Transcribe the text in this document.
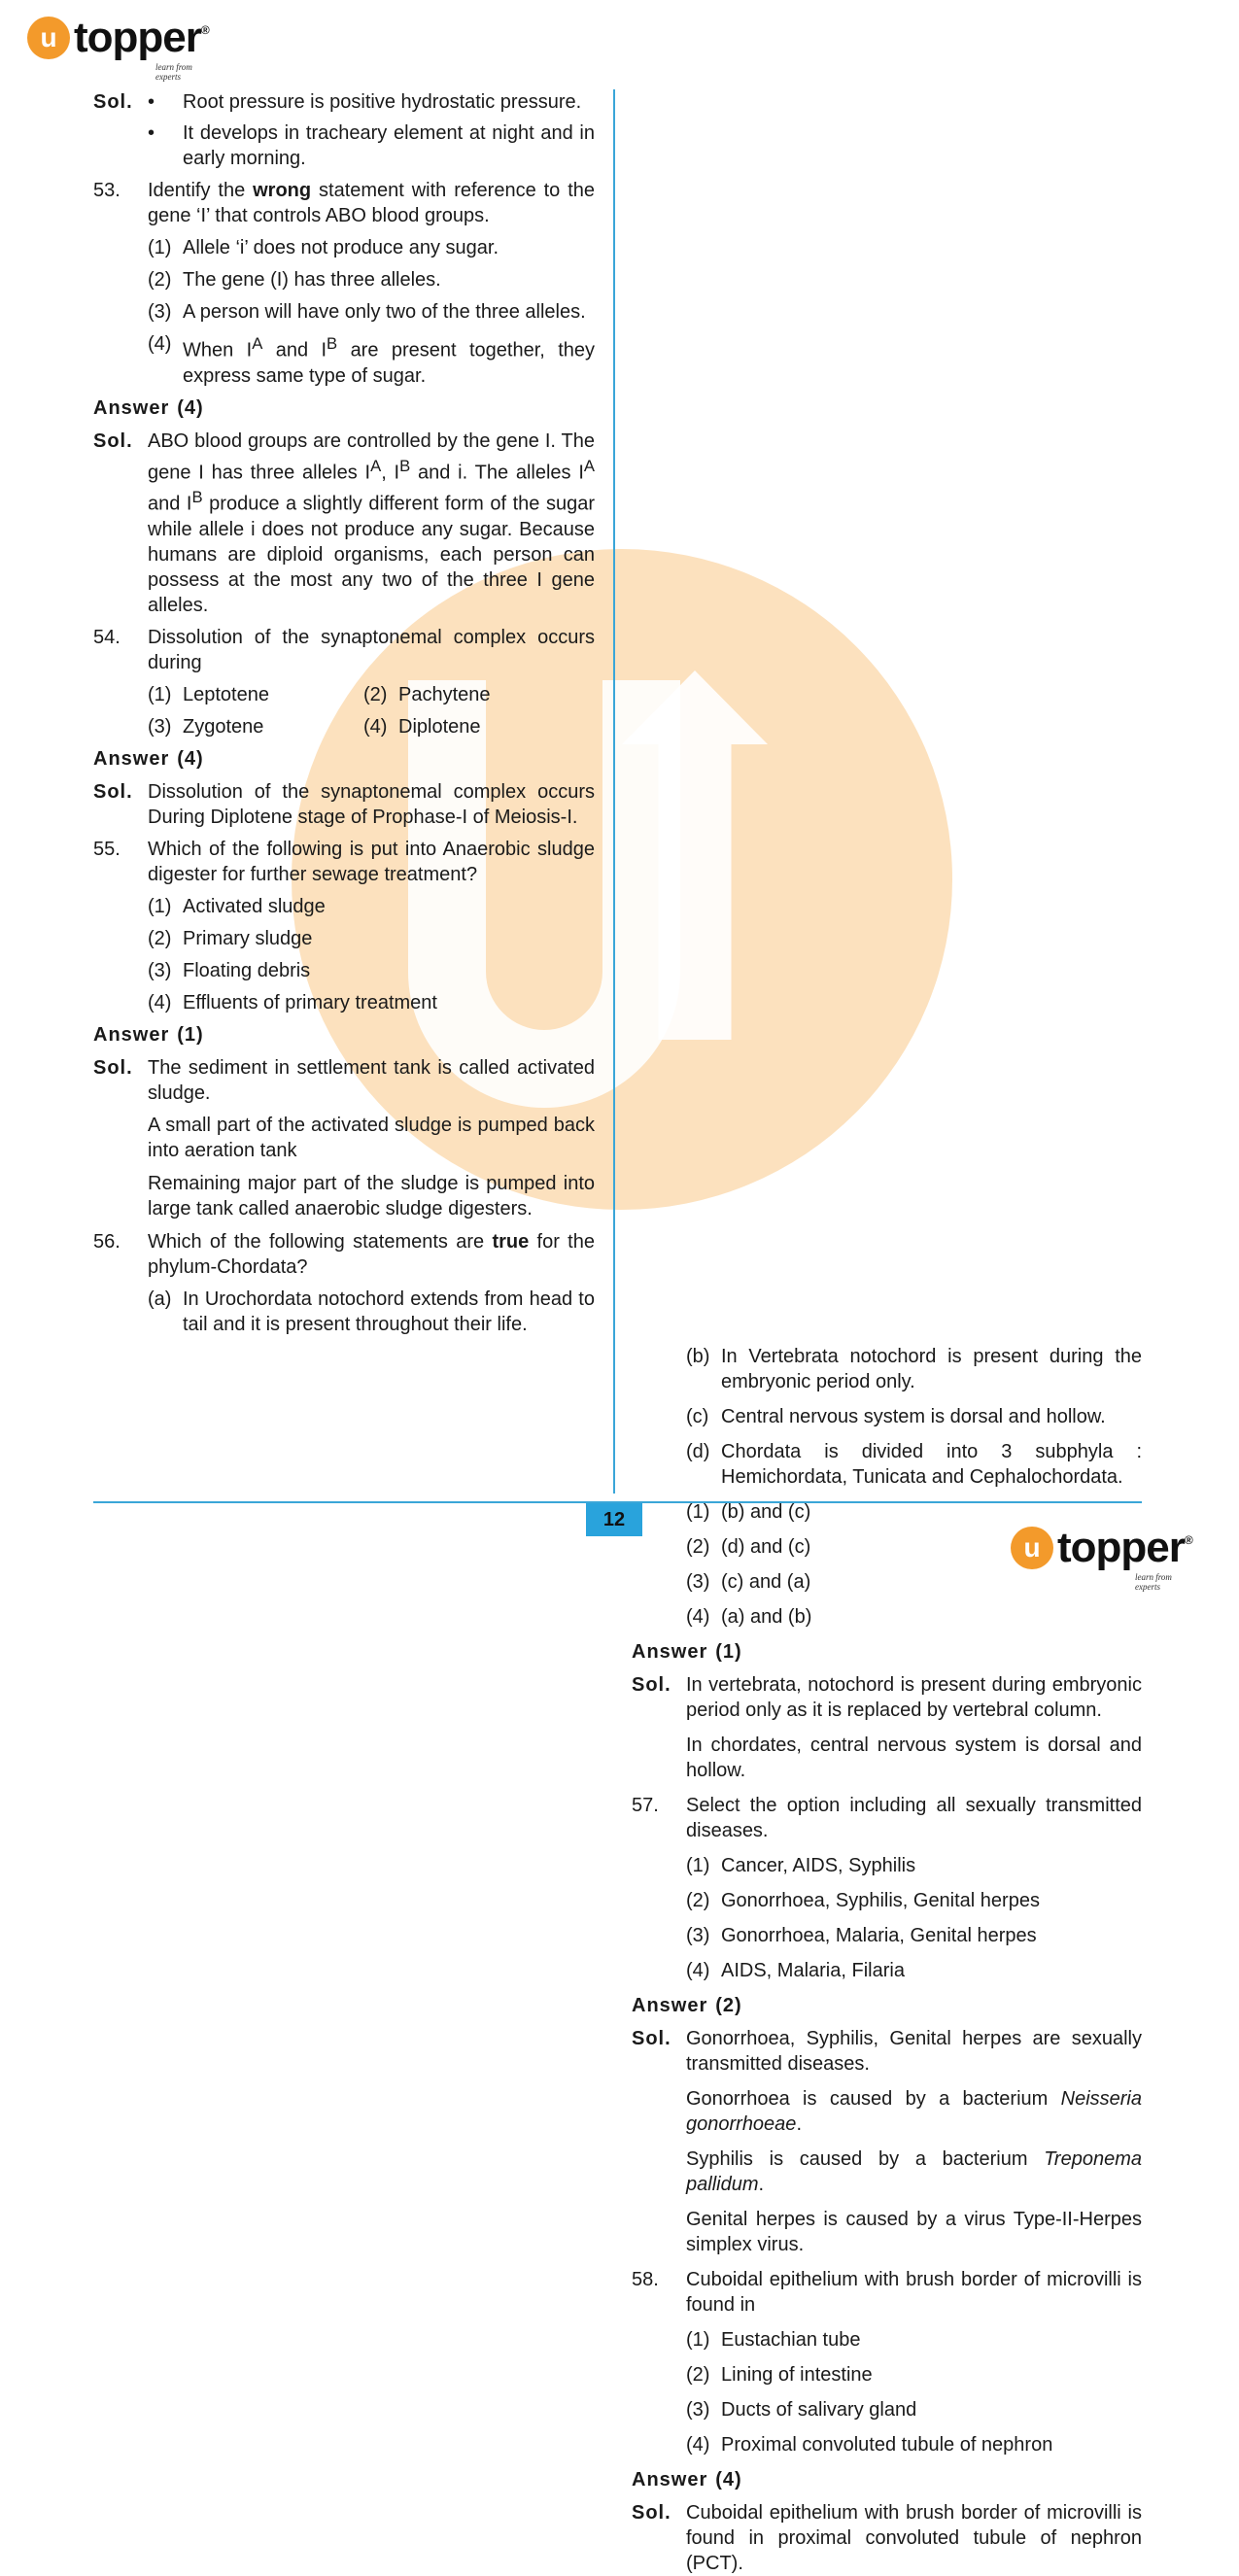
u topper®
learn from experts
Sol. •	Root pressure is positive hydrostatic pressure.
•	It develops in tracheary element at night and in early morning.
53.	Identify the wrong statement with reference to the gene ‘I’ that controls ABO blood groups.
(1) Allele ‘i’ does not produce any sugar.
(2) The gene (I) has three alleles.
(3) A person will have only two of the three alleles.
(4) When $I^A$ and $I^B$ are present together, they express same type of sugar.
Answer (4)
Sol. ABO blood groups are controlled by the gene I. The gene I has three alleles $I^A$, $I^B$ and i. The alleles $I^A$ and $I^B$ produce a slightly different form of the sugar while allele i does not produce any sugar. Because humans are diploid organisms, each person can possess at the most any two of the three I gene alleles.
54.	Dissolution of the synaptonemal complex occurs during
(1) Leptotene	(2) Pachytene
(3) Zygotene	(4) Diplotene
Answer (4)
Sol. Dissolution of the synaptonemal complex occurs During Diplotene stage of Prophase-I of Meiosis-I.
55.	Which of the following is put into Anaerobic sludge digester for further sewage treatment?
(1) Activated sludge
(2) Primary sludge
(3) Floating debris
(4) Effluents of primary treatment
Answer (1)
Sol. The sediment in settlement tank is called activated sludge.
A small part of the activated sludge is pumped back into aeration tank
Remaining major part of the sludge is pumped into large tank called anaerobic sludge digesters.
56.	Which of the following statements are true for the phylum-Chordata?
(a) In Urochordata notochord extends from head to tail and it is present throughout their life.
(b) In Vertebrata notochord is present during the embryonic period only.
(c) Central nervous system is dorsal and hollow.
(d) Chordata is divided into 3 subphyla : Hemichordata, Tunicata and Cephalochordata.
(1) (b) and (c)
(2) (d) and (c)
(3) (c) and (a)
(4) (a) and (b)
Answer (1)
Sol. In vertebrata, notochord is present during embryonic period only as it is replaced by vertebral column.
In chordates, central nervous system is dorsal and hollow.
57.	Select the option including all sexually transmitted diseases.
(1) Cancer, AIDS, Syphilis
(2) Gonorrhoea, Syphilis, Genital herpes
(3) Gonorrhoea, Malaria, Genital herpes
(4) AIDS, Malaria, Filaria
Answer (2)
Sol. Gonorrhoea, Syphilis, Genital herpes are sexually transmitted diseases.
Gonorrhoea is caused by a bacterium Neisseria gonorrhoeae.
Syphilis is caused by a bacterium Treponema pallidum.
Genital herpes is caused by a virus Type-II-Herpes simplex virus.
58.	Cuboidal epithelium with brush border of microvilli is found in
(1) Eustachian tube
(2) Lining of intestine
(3) Ducts of salivary gland
(4) Proximal convoluted tubule of nephron
Answer (4)
Sol. Cuboidal epithelium with brush border of microvilli is found in proximal convoluted tubule of nephron (PCT).
12
u topper®
learn from experts
